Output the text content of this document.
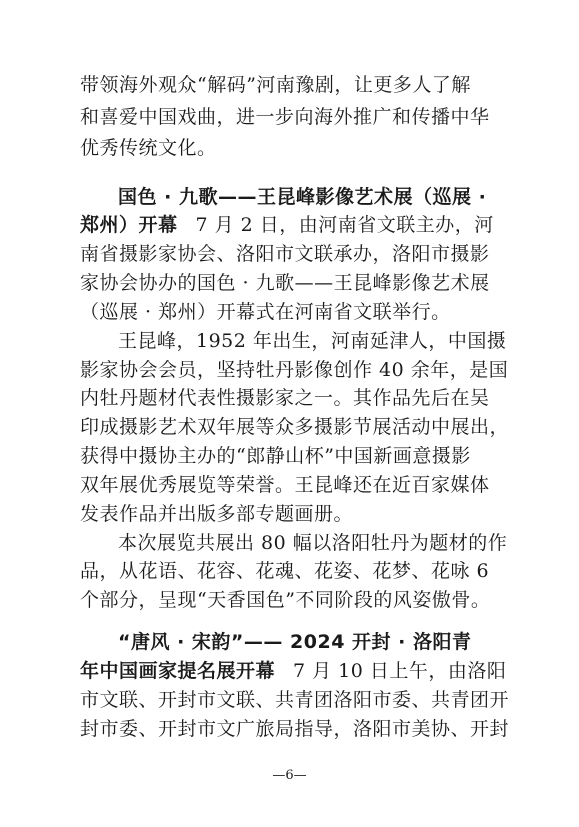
带领海外观众“解码”河南豫剧，让更多人了解
和喜爱中国戏曲，进一步向海外推广和传播中华
优秀传统文化。
国色 · 九歌——王昆峰影像艺术展（巡展 ·
郑州）开幕 7 月 2 日，由河南省文联主办，河
南省摄影家协会、洛阳市文联承办，洛阳市摄影
家协会协办的国色 · 九歌——王昆峰影像艺术展
（巡展 · 郑州）开幕式在河南省文联举行。
王昆峰，1952 年出生，河南延津人，中国摄
影家协会会员，坚持牡丹影像创作 40 余年，是国
内牡丹题材代表性摄影家之一。其作品先后在吴
印成摄影艺术双年展等众多摄影节展活动中展出，
获得中摄协主办的“郎静山杯”中国新画意摄影
双年展优秀展览等荣誉。王昆峰还在近百家媒体
发表作品并出版多部专题画册。
本次展览共展出 80 幅以洛阳牡丹为题材的作
品，从花语、花容、花魂、花姿、花梦、花咏 6
个部分，呈现“天香国色”不同阶段的风姿傲骨。
“唐风 · 宋韵”—— 2024 开封 · 洛阳青
年中国画家提名展开幕 7 月 10 日上午，由洛阳
市文联、开封市文联、共青团洛阳市委、共青团开
封市委、开封市文广旅局指导，洛阳市美协、开封
—6—
